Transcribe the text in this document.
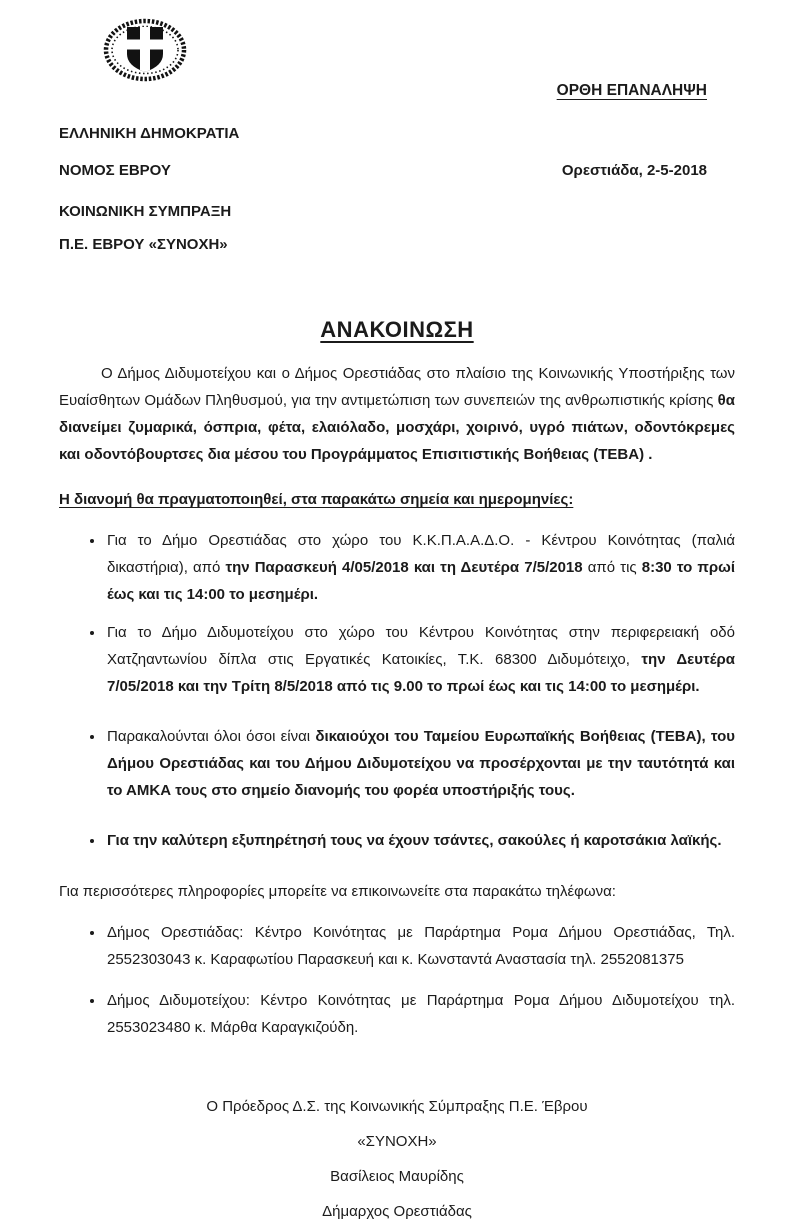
ΟΡΘΗ ΕΠΑΝΑΛΗΨΗ
ΕΛΛΗΝΙΚΗ ΔΗΜΟΚΡΑΤΙΑ
ΝΟΜΟΣ ΕΒΡΟΥ	Ορεστιάδα, 2-5-2018
ΚΟΙΝΩΝΙΚΗ ΣΥΜΠΡΑΞΗ
Π.Ε. ΕΒΡΟΥ «ΣΥΝΟΧΗ»
ΑΝΑΚΟΙΝΩΣΗ

Ο Δήμος Διδυμοτείχου και ο Δήμος Ορεστιάδας στο πλαίσιο της Κοινωνικής Υποστήριξης των Ευαίσθητων Ομάδων Πληθυσμού, για την αντιμετώπιση των συνεπειών της ανθρωπιστικής κρίσης θα διανείμει ζυμαρικά, όσπρια, φέτα, ελαιόλαδο, μοσχάρι, χοιρινό, υγρό πιάτων, οδοντόκρεμες και οδοντόβουρτσες δια μέσου του Προγράμματος Επισιτιστικής Βοήθειας (ΤΕΒΑ) .

Η διανομή θα πραγματοποιηθεί, στα παρακάτω σημεία και ημερομηνίες:

• Για το Δήμο Ορεστιάδας στο χώρο του Κ.Κ.Π.Α.Α.Δ.Ο. - Κέντρου Κοινότητας (παλιά δικαστήρια), από την Παρασκευή 4/05/2018 και τη Δευτέρα 7/5/2018 από τις 8:30 το πρωί έως και τις 14:00 το μεσημέρι.
• Για το Δήμο Διδυμοτείχου στο χώρο του Κέντρου Κοινότητας στην περιφερειακή οδό Χατζηαντωνίου δίπλα στις Εργατικές Κατοικίες, Τ.Κ. 68300 Διδυμότειχο, την Δευτέρα 7/05/2018 και την Τρίτη 8/5/2018 από τις 9.00 το πρωί έως και τις 14:00 το μεσημέρι.
• Παρακαλούνται όλοι όσοι είναι δικαιούχοι του Ταμείου Ευρωπαϊκής Βοήθειας (ΤΕΒΑ), του Δήμου Ορεστιάδας και του Δήμου Διδυμοτείχου να προσέρχονται με την ταυτότητά και το ΑΜΚΑ τους στο σημείο διανομής του φορέα υποστήριξής τους.
• Για την καλύτερη εξυπηρέτησή τους να έχουν τσάντες, σακούλες ή καροτσάκια λαϊκής.

Για περισσότερες πληροφορίες μπορείτε να επικοινωνείτε στα παρακάτω τηλέφωνα:

• Δήμος Ορεστιάδας: Κέντρο Κοινότητας με Παράρτημα Ρομα Δήμου Ορεστιάδας, Τηλ. 2552303043 κ. Καραφωτίου Παρασκευή και κ. Κωνσταντά Αναστασία τηλ. 2552081375
• Δήμος Διδυμοτείχου: Κέντρο Κοινότητας με Παράρτημα Ρομα Δήμου Διδυμοτείχου τηλ. 2553023480 κ. Μάρθα Καραγκιζούδη.

Ο Πρόεδρος Δ.Σ. της Κοινωνικής Σύμπραξης Π.Ε. Έβρου

«ΣΥΝΟΧΗ»

Βασίλειος Μαυρίδης

Δήμαρχος Ορεστιάδας
